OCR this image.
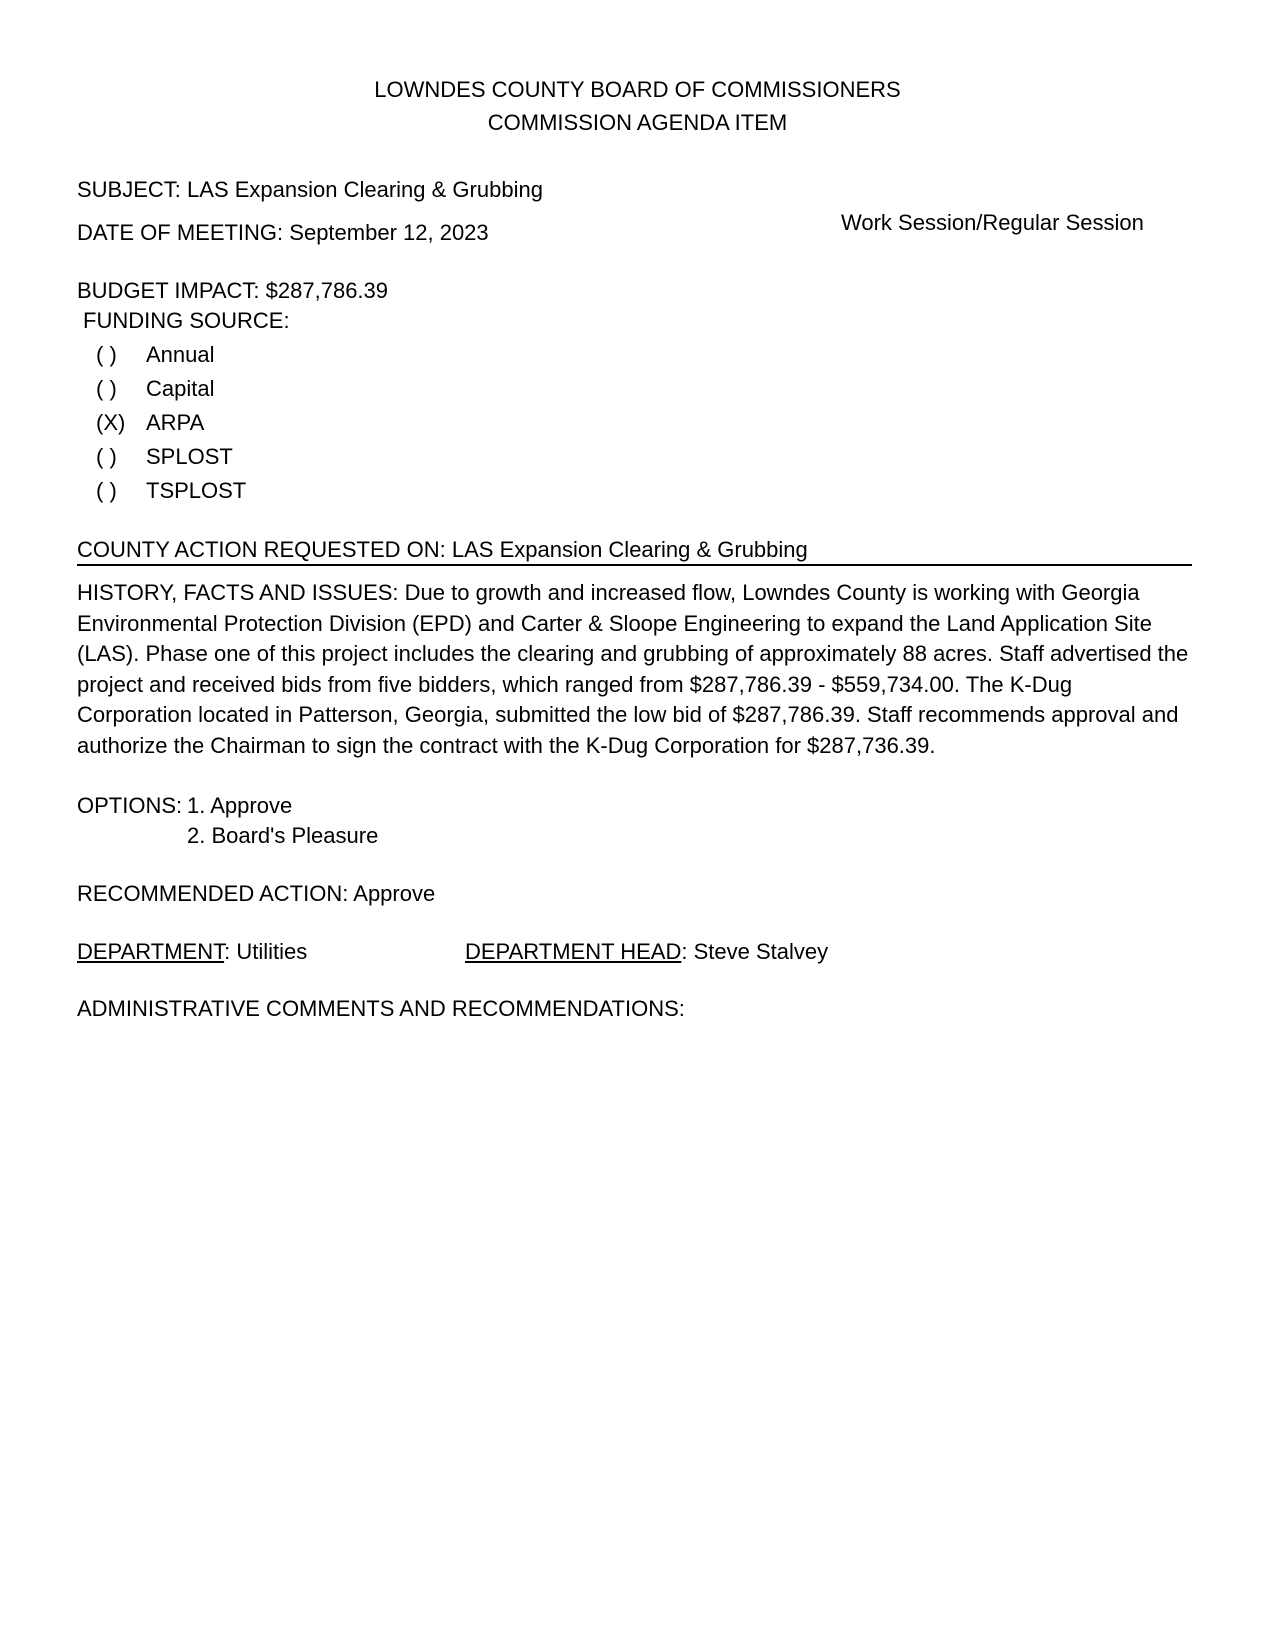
LOWNDES COUNTY BOARD OF COMMISSIONERS
COMMISSION AGENDA ITEM
SUBJECT: LAS Expansion Clearing & Grubbing
DATE OF MEETING: September 12, 2023	Work Session/Regular Session
BUDGET IMPACT: $287,786.39
FUNDING SOURCE:
( )	Annual
( )	Capital
(X) ARPA
( )	SPLOST
( )	TSPLOST
COUNTY ACTION REQUESTED ON: LAS Expansion Clearing & Grubbing
HISTORY, FACTS AND ISSUES: Due to growth and increased flow, Lowndes County is working with Georgia Environmental Protection Division (EPD) and Carter & Sloope Engineering to expand the Land Application Site (LAS). Phase one of this project includes the clearing and grubbing of approximately 88 acres. Staff advertised the project and received bids from five bidders, which ranged from $287,786.39 - $559,734.00. The K-Dug Corporation located in Patterson, Georgia, submitted the low bid of $287,786.39. Staff recommends approval and authorize the Chairman to sign the contract with the K-Dug Corporation for $287,736.39.
OPTIONS: 1. Approve
2. Board's Pleasure
RECOMMENDED ACTION: Approve
DEPARTMENT: Utilities	DEPARTMENT HEAD: Steve Stalvey
ADMINISTRATIVE COMMENTS AND RECOMMENDATIONS:
